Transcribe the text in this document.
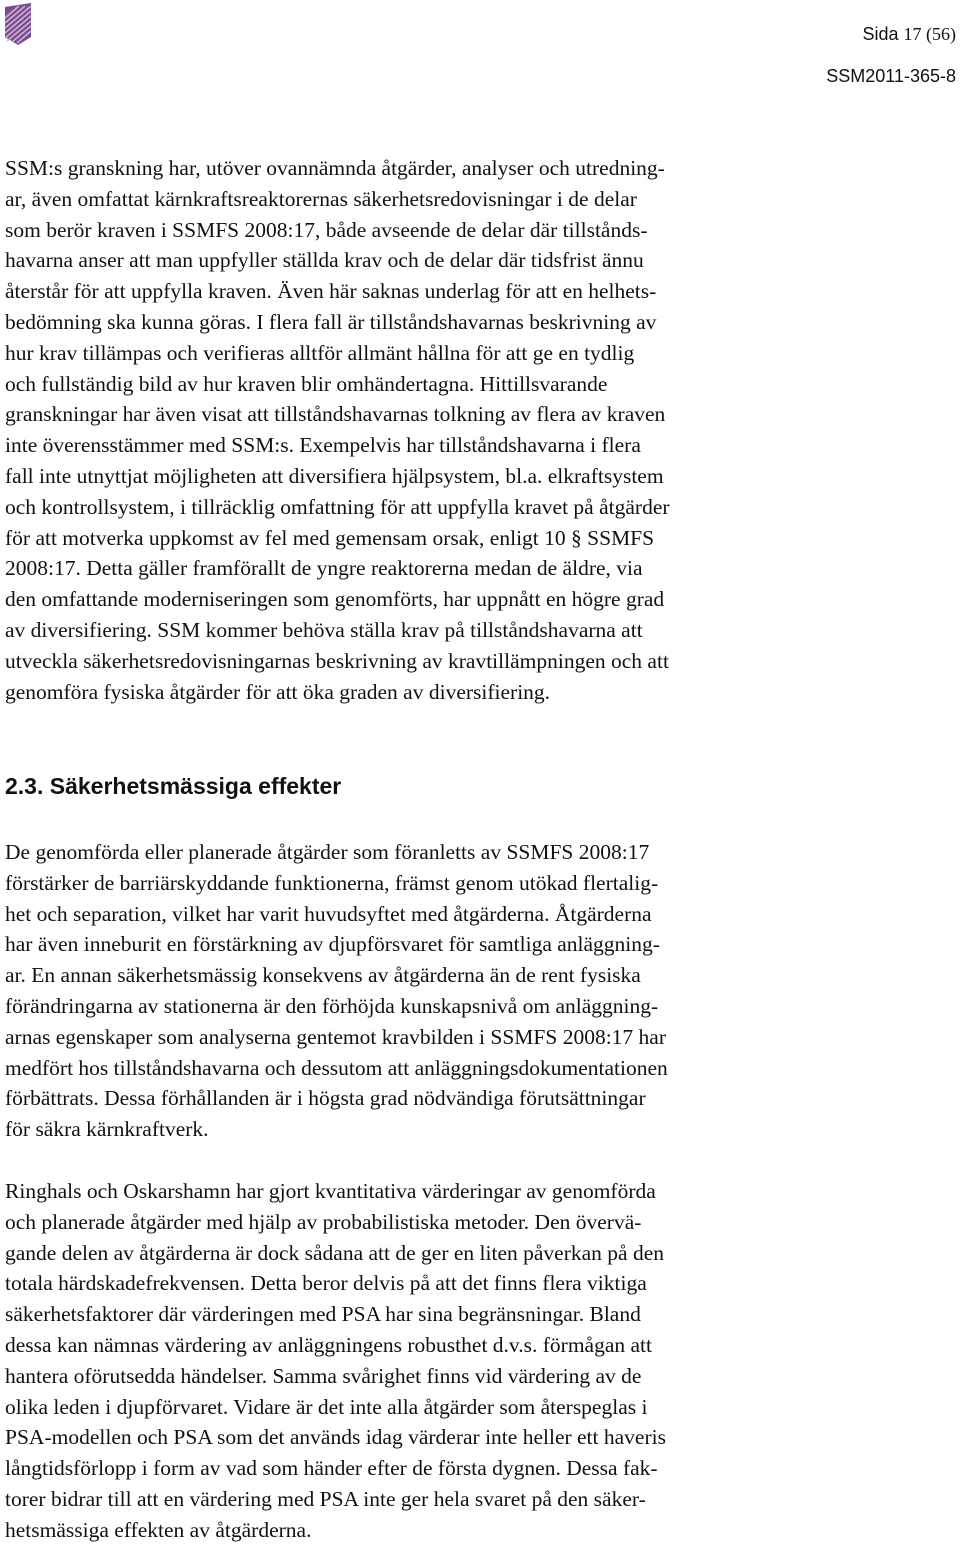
Sida 17 (56)
SSM2011-365-8

SSM:s granskning har, utöver ovannämnda åtgärder, analyser och utredning-
ar, även omfattat kärnkraftsreaktorernas säkerhetsredovisningar i de delar
som berör kraven i SSMFS 2008:17, både avseende de delar där tillstånds-
havarna anser att man uppfyller ställda krav och de delar där tidsfrist ännu
återstår för att uppfylla kraven. Även här saknas underlag för att en helhets-
bedömning ska kunna göras. I flera fall är tillståndshavarnas beskrivning av
hur krav tillämpas och verifieras alltför allmänt hållna för att ge en tydlig
och fullständig bild av hur kraven blir omhändertagna. Hittillsvarande
granskningar har även visat att tillståndshavarnas tolkning av flera av kraven
inte överensstämmer med SSM:s. Exempelvis har tillståndshavarna i flera
fall inte utnyttjat möjligheten att diversifiera hjälpsystem, bl.a. elkraftsystem
och kontrollsystem, i tillräcklig omfattning för att uppfylla kravet på åtgärder
för att motverka uppkomst av fel med gemensam orsak, enligt 10 § SSMFS
2008:17. Detta gäller framförallt de yngre reaktorerna medan de äldre, via
den omfattande moderniseringen som genomförts, har uppnått en högre grad
av diversifiering. SSM kommer behöva ställa krav på tillståndshavarna att
utveckla säkerhetsredovisningarnas beskrivning av kravtillämpningen och att
genomföra fysiska åtgärder för att öka graden av diversifiering.

2.3. Säkerhetsmässiga effekter

De genomförda eller planerade åtgärder som föranletts av SSMFS 2008:17
förstärker de barriärskyddande funktionerna, främst genom utökad flertalig-
het och separation, vilket har varit huvudsyftet med åtgärderna. Åtgärderna
har även inneburit en förstärkning av djupförsvaret för samtliga anläggning-
ar. En annan säkerhetsmässig konsekvens av åtgärderna än de rent fysiska
förändringarna av stationerna är den förhöjda kunskapsnivå om anläggning-
arnas egenskaper som analyserna gentemot kravbilden i SSMFS 2008:17 har
medfört hos tillståndshavarna och dessutom att anläggningsdokumentationen
förbättrats. Dessa förhållanden är i högsta grad nödvändiga förutsättningar
för säkra kärnkraftverk.

Ringhals och Oskarshamn har gjort kvantitativa värderingar av genomförda
och planerade åtgärder med hjälp av probabilistiska metoder. Den övervä-
gande delen av åtgärderna är dock sådana att de ger en liten påverkan på den
totala härdskadefrekvensen. Detta beror delvis på att det finns flera viktiga
säkerhetsfaktorer där värderingen med PSA har sina begränsningar. Bland
dessa kan nämnas värdering av anläggningens robusthet d.v.s. förmågan att
hantera oförutsedda händelser. Samma svårighet finns vid värdering av de
olika leden i djupförvaret. Vidare är det inte alla åtgärder som återspeglas i
PSA-modellen och PSA som det används idag värderar inte heller ett haveris
långtidsförlopp i form av vad som händer efter de första dygnen. Dessa fak-
torer bidrar till att en värdering med PSA inte ger hela svaret på den säker-
hetsmässiga effekten av åtgärderna.
